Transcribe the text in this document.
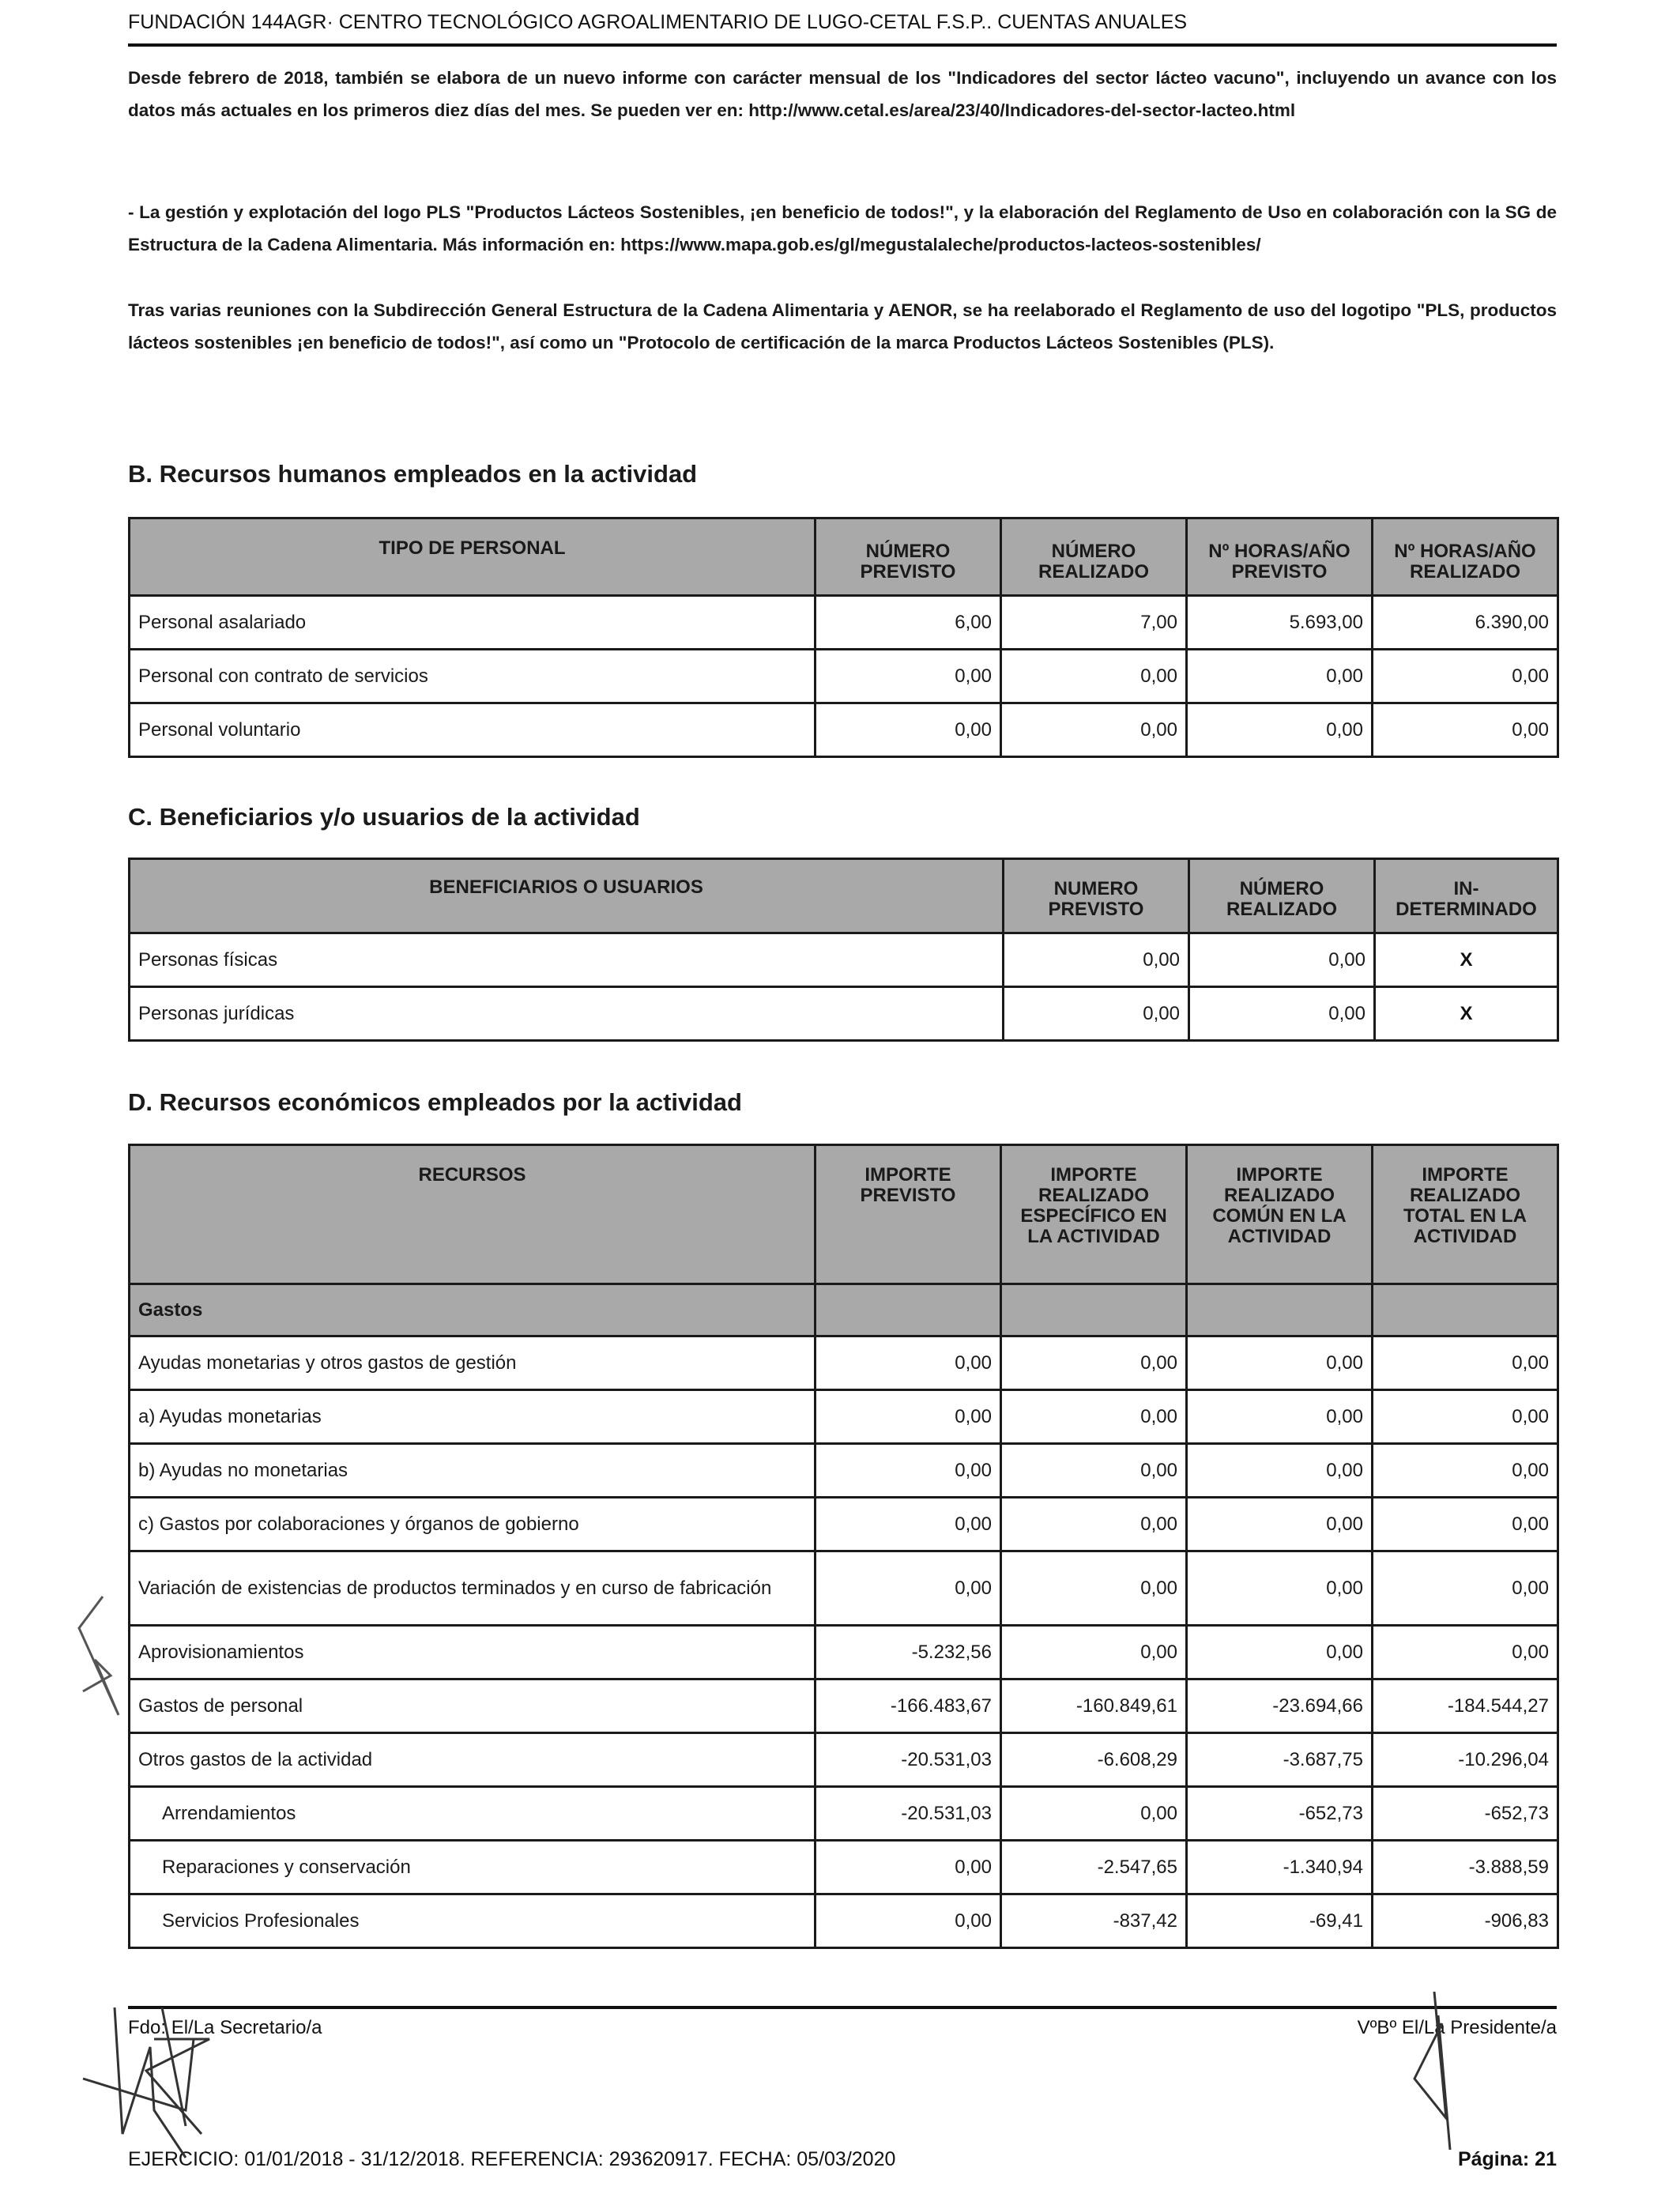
FUNDACIÓN 144AGR· CENTRO TECNOLÓGICO AGROALIMENTARIO DE LUGO-CETAL F.S.P.. CUENTAS ANUALES
Desde febrero de 2018, también se elabora de un nuevo informe con carácter mensual de los "Indicadores del sector lácteo vacuno", incluyendo un avance con los datos más actuales en los primeros diez días del mes. Se pueden ver en: http://www.cetal.es/area/23/40/Indicadores-del-sector-lacteo.html
- La gestión y explotación del logo PLS "Productos Lácteos Sostenibles, ¡en beneficio de todos!", y la elaboración del Reglamento de Uso en colaboración con la SG de Estructura de la Cadena Alimentaria. Más información en: https://www.mapa.gob.es/gl/megustalaleche/productos-lacteos-sostenibles/
Tras varias reuniones con la Subdirección General Estructura de la Cadena Alimentaria y AENOR, se ha reelaborado el Reglamento de uso del logotipo "PLS, productos lácteos sostenibles ¡en beneficio de todos!", así como un "Protocolo de certificación de la marca Productos Lácteos Sostenibles (PLS).
B. Recursos humanos empleados en la actividad
TIPO DE PERSONAL	NÚMERO PREVISTO	NÚMERO REALIZADO	Nº HORAS/AÑO PREVISTO	Nº HORAS/AÑO REALIZADO
Personal asalariado	6,00	7,00	5.693,00	6.390,00
Personal con contrato de servicios	0,00	0,00	0,00	0,00
Personal voluntario	0,00	0,00	0,00	0,00
C. Beneficiarios y/o usuarios de la actividad
BENEFICIARIOS O USUARIOS	NUMERO PREVISTO	NÚMERO REALIZADO	IN- DETERMINADO
Personas físicas	0,00	0,00	X
Personas jurídicas	0,00	0,00	X
D. Recursos económicos empleados por la actividad
RECURSOS	IMPORTE PREVISTO	IMPORTE REALIZADO ESPECÍFICO EN LA ACTIVIDAD	IMPORTE REALIZADO COMÚN EN LA ACTIVIDAD	IMPORTE REALIZADO TOTAL EN LA ACTIVIDAD
Gastos				
Ayudas monetarias y otros gastos de gestión	0,00	0,00	0,00	0,00
a) Ayudas monetarias	0,00	0,00	0,00	0,00
b) Ayudas no monetarias	0,00	0,00	0,00	0,00
c) Gastos por colaboraciones y órganos de gobierno	0,00	0,00	0,00	0,00
Variación de existencias de productos terminados y en curso de fabricación	0,00	0,00	0,00	0,00
Aprovisionamientos	-5.232,56	0,00	0,00	0,00
Gastos de personal	-166.483,67	-160.849,61	-23.694,66	-184.544,27
Otros gastos de la actividad	-20.531,03	-6.608,29	-3.687,75	-10.296,04
Arrendamientos	-20.531,03	0,00	-652,73	-652,73
Reparaciones y conservación	0,00	-2.547,65	-1.340,94	-3.888,59
Servicios Profesionales	0,00	-837,42	-69,41	-906,83
Fdo: El/La Secretario/a	VºBº El/La Presidente/a
EJERCICIO: 01/01/2018 - 31/12/2018. REFERENCIA: 293620917. FECHA: 05/03/2020	Página: 21
